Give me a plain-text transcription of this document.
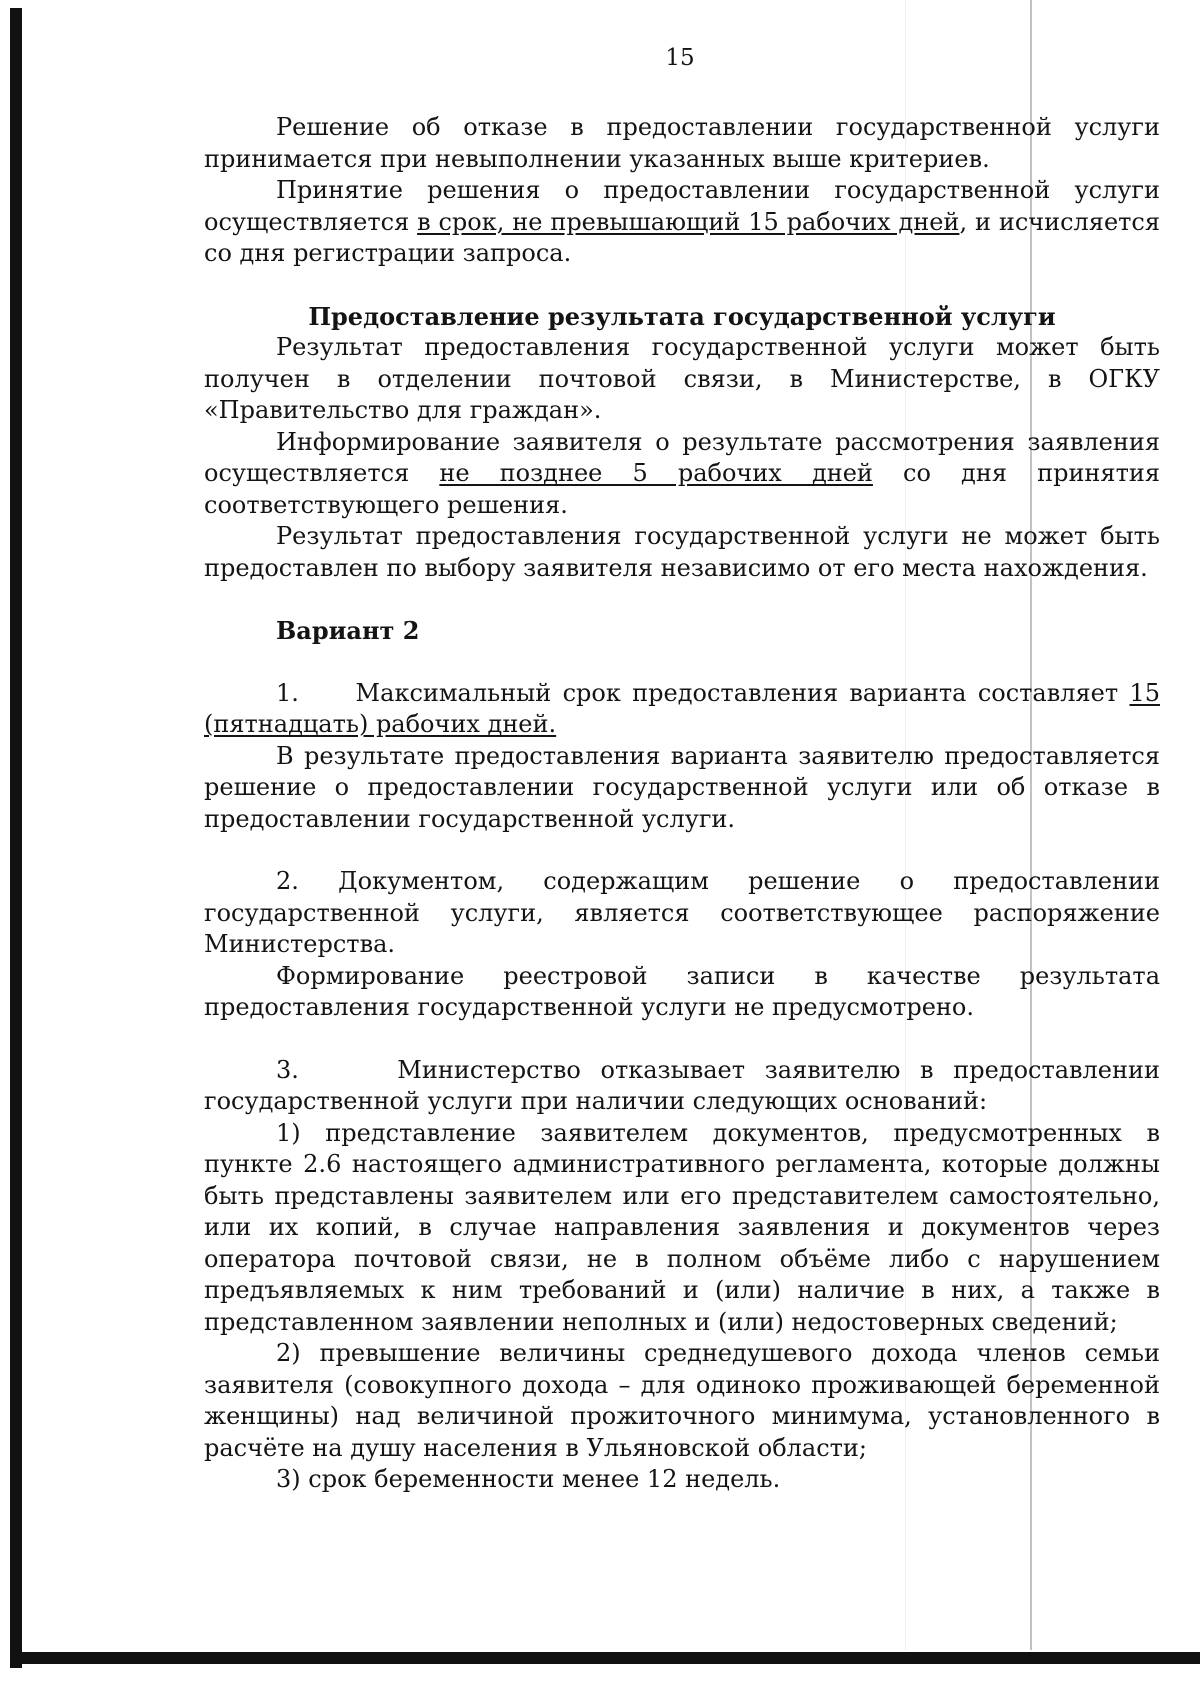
15

Решение об отказе в предоставлении государственной услуги принимается при невыполнении указанных выше критериев.

Принятие решения о предоставлении государственной услуги осуществляется в срок, не превышающий 15 рабочих дней, и исчисляется со дня регистрации запроса.

Предоставление результата государственной услуги

Результат предоставления государственной услуги может быть получен в отделении почтовой связи, в Министерстве, в ОГКУ «Правительство для граждан».

Информирование заявителя о результате рассмотрения заявления осуществляется не позднее 5 рабочих дней со дня принятия соответствующего решения.

Результат предоставления государственной услуги не может быть предоставлен по выбору заявителя независимо от его места нахождения.

Вариант 2

1.     Максимальный срок предоставления варианта составляет 15 (пятнадцать) рабочих дней.

В результате предоставления варианта заявителю предоставляется решение о предоставлении государственной услуги или об отказе в предоставлении государственной услуги.

2. Документом, содержащим решение о предоставлении государственной услуги, является соответствующее распоряжение Министерства.

Формирование реестровой записи в качестве результата предоставления государственной услуги не предусмотрено.

3.     Министерство отказывает заявителю в предоставлении государственной услуги при наличии следующих оснований:

1) представление заявителем документов, предусмотренных в пункте 2.6 настоящего административного регламента, которые должны быть представлены заявителем или его представителем самостоятельно, или их копий, в случае направления заявления и документов через оператора почтовой связи, не в полном объёме либо с нарушением предъявляемых к ним требований и (или) наличие в них, а также в представленном заявлении неполных и (или) недостоверных сведений;

2) превышение величины среднедушевого дохода членов семьи заявителя (совокупного дохода – для одиноко проживающей беременной женщины) над величиной прожиточного минимума, установленного в расчёте на душу населения в Ульяновской области;

3) срок беременности менее 12 недель.
